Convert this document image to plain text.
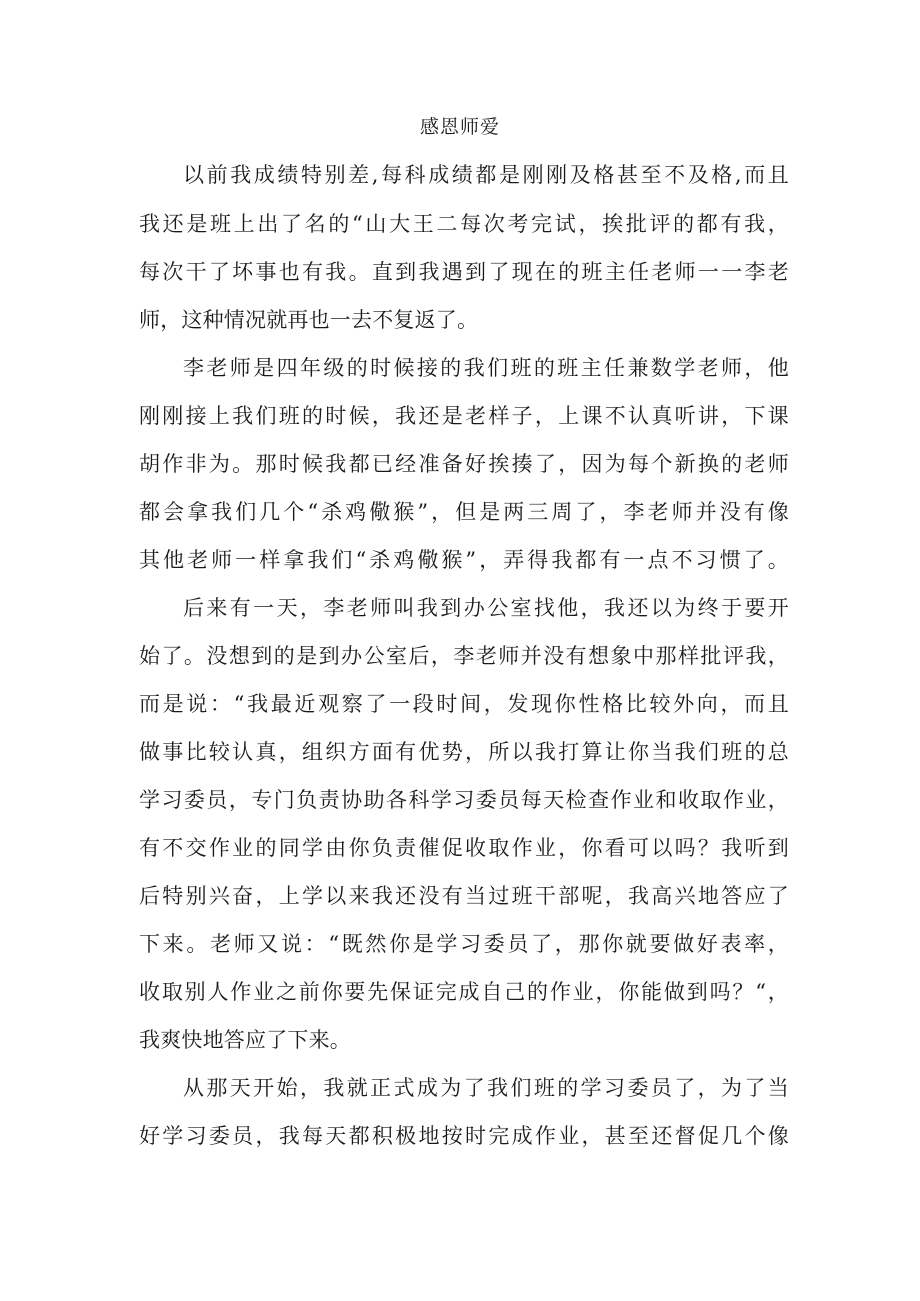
感恩师爱
以前我成绩特别差,每科成绩都是刚刚及格甚至不及格,而且
我还是班上出了名的“山大王二每次考完试，挨批评的都有我，
每次干了坏事也有我。直到我遇到了现在的班主任老师一一李老
师，这种情况就再也一去不复返了。
李老师是四年级的时候接的我们班的班主任兼数学老师，他
刚刚接上我们班的时候，我还是老样子，上课不认真听讲，下课
胡作非为。那时候我都已经准备好挨揍了，因为每个新换的老师
都会拿我们几个“杀鸡儆猴”，但是两三周了，李老师并没有像
其他老师一样拿我们“杀鸡儆猴”，弄得我都有一点不习惯了。
后来有一天，李老师叫我到办公室找他，我还以为终于要开
始了。没想到的是到办公室后，李老师并没有想象中那样批评我，
而是说：“我最近观察了一段时间，发现你性格比较外向，而且
做事比较认真，组织方面有优势，所以我打算让你当我们班的总
学习委员，专门负责协助各科学习委员每天检查作业和收取作业，
有不交作业的同学由你负责催促收取作业，你看可以吗？我听到
后特别兴奋，上学以来我还没有当过班干部呢，我高兴地答应了
下来。老师又说：“既然你是学习委员了，那你就要做好表率，
收取别人作业之前你要先保证完成自己的作业，你能做到吗？“，
我爽快地答应了下来。
从那天开始，我就正式成为了我们班的学习委员了，为了当
好学习委员，我每天都积极地按时完成作业，甚至还督促几个像
